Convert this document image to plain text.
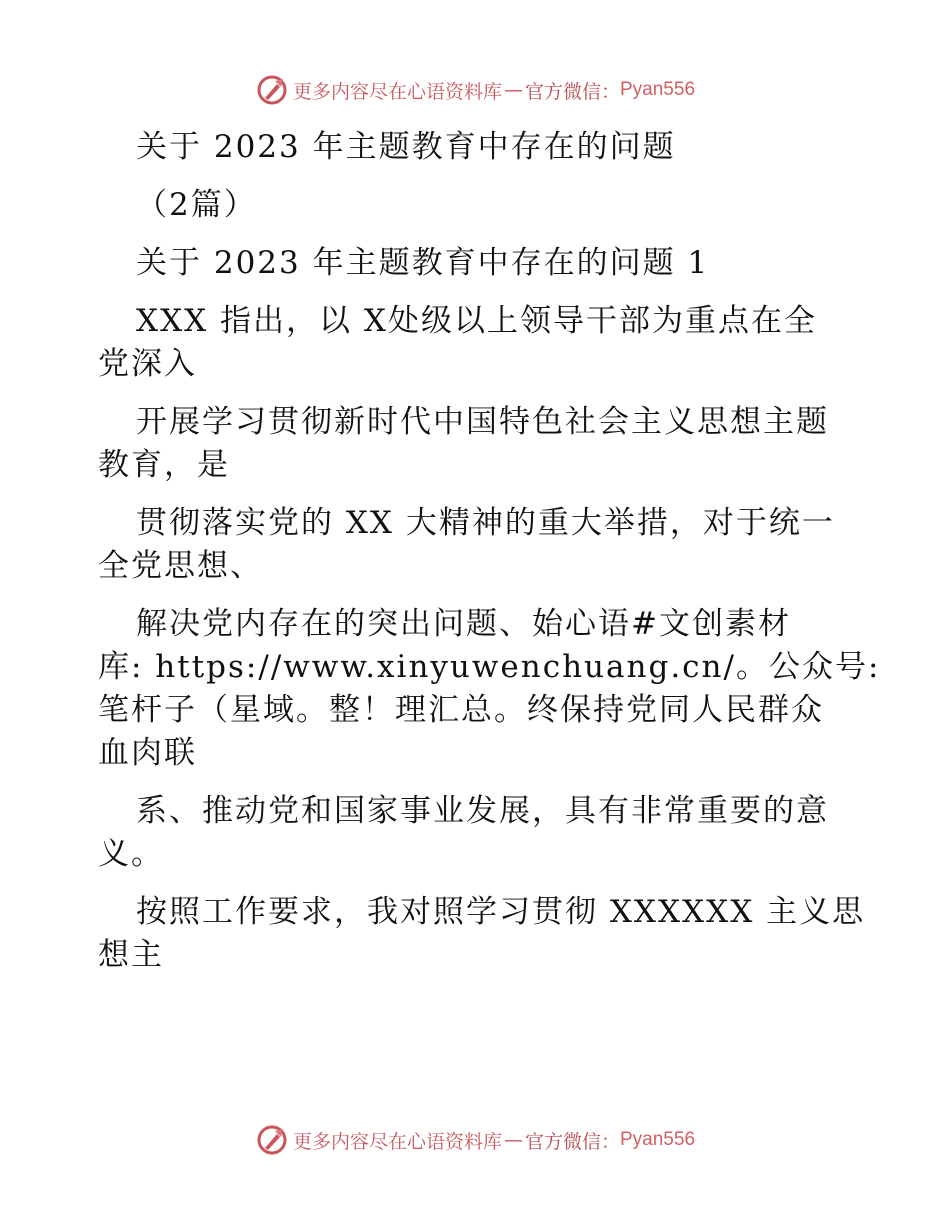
更多内容尽在心语资料库 — 官方微信： Pyan556
关于 2023 年主题教育中存在的问题
（2篇）
关于 2023 年主题教育中存在的问题 1
XXX 指出，以 X处级以上领导干部为重点在全
党深入
开展学习贯彻新时代中国特色社会主义思想主题
教育，是
贯彻落实党的 XX 大精神的重大举措，对于统一
全党思想、
解决党内存在的突出问题、始心语#文创素材
库: https://www.xinyuwenchuang.cn/。公众号:
笔杆子（星域。整！理汇总。终保持党同人民群众
血肉联
系、推动党和国家事业发展，具有非常重要的意
义。
按照工作要求，我对照学习贯彻 XXXXXX 主义思
想主
更多内容尽在心语资料库 — 官方微信： Pyan556
